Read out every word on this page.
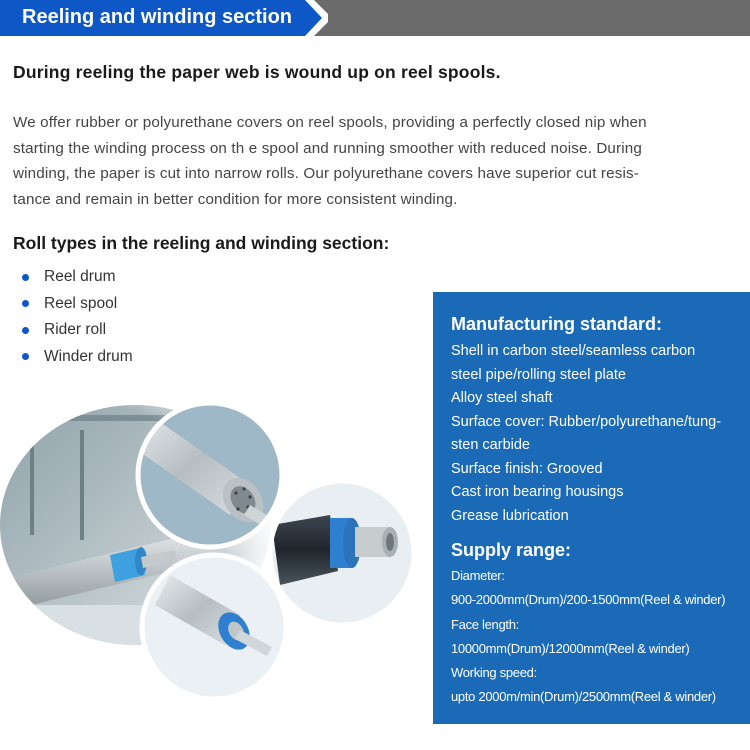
Reeling and winding section
During reeling the paper web is wound up on reel spools.
We offer rubber or polyurethane covers on reel spools, providing a perfectly closed nip when
starting the winding process on th e spool and running smoother with reduced noise. During
winding, the paper is cut into narrow rolls. Our polyurethane covers have superior cut resis-
tance and remain in better condition for more consistent winding.
Roll types in the reeling and winding section:
Reel drum
Reel spool
Rider roll
Winder drum
Manufacturing standard:
Shell in carbon steel/seamless carbon
steel pipe/rolling steel plate
Alloy steel shaft
Surface cover: Rubber/polyurethane/tung-
sten carbide
Surface finish: Grooved
Cast iron bearing housings
Grease lubrication
Supply range:
Diameter:
900-2000mm(Drum)/200-1500mm(Reel & winder)
Face length:
10000mm(Drum)/12000mm(Reel & winder)
Working speed:
upto 2000m/min(Drum)/2500mm(Reel & winder)
